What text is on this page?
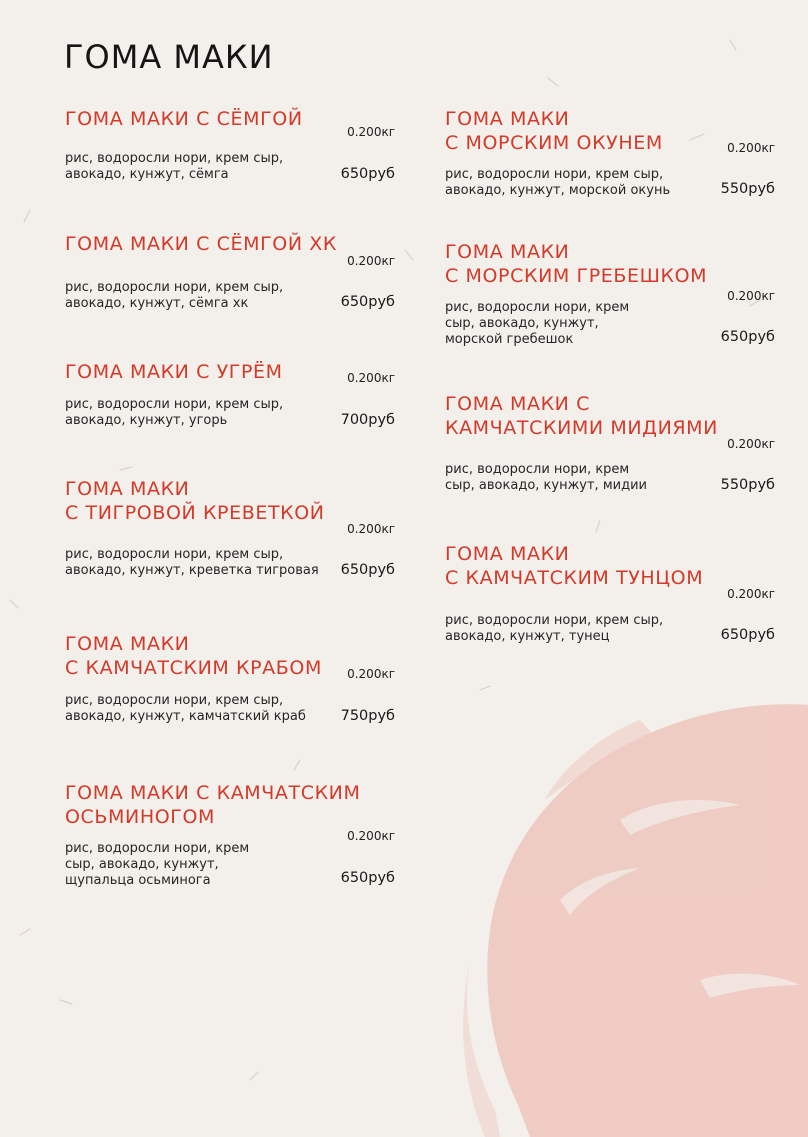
ГОМА МАКИ
ГОМА МАКИ С СЁМГОЙ
0.200кг
рис, водоросли нори, крем сыр,
авокадо, кунжут, сёмга	650руб
ГОМА МАКИ С СЁМГОЙ ХК
0.200кг
рис, водоросли нори, крем сыр,
авокадо, кунжут, сёмга хк	650руб
ГОМА МАКИ С УГРЁМ	0.200кг
рис, водоросли нори, крем сыр,
авокадо, кунжут, угорь	700руб
ГОМА МАКИ
С ТИГРОВОЙ КРЕВЕТКОЙ
0.200кг
рис, водоросли нори, крем сыр,
авокадо, кунжут, креветка тигровая	650руб
ГОМА МАКИ
С КАМЧАТСКИМ КРАБОМ	0.200кг
рис, водоросли нори, крем сыр,
авокадо, кунжут, камчатский краб	750руб
ГОМА МАКИ С КАМЧАТСКИМ
ОСЬМИНОГОМ
0.200кг
рис, водоросли нори, крем
сыр, авокадо, кунжут,
щупальца осьминога	650руб
ГОМА МАКИ
С МОРСКИМ ОКУНЕМ	0.200кг
рис, водоросли нори, крем сыр,
авокадо, кунжут, морской окунь	550руб
ГОМА МАКИ
С МОРСКИМ ГРЕБЕШКОМ
0.200кг
рис, водоросли нори, крем
сыр, авокадо, кунжут,
морской гребешок	650руб
ГОМА МАКИ С
КАМЧАТСКИМИ МИДИЯМИ
0.200кг
рис, водоросли нори, крем
сыр, авокадо, кунжут, мидии	550руб
ГОМА МАКИ
С КАМЧАТСКИМ ТУНЦОМ
0.200кг
рис, водоросли нори, крем сыр,
авокадо, кунжут, тунец	650руб
